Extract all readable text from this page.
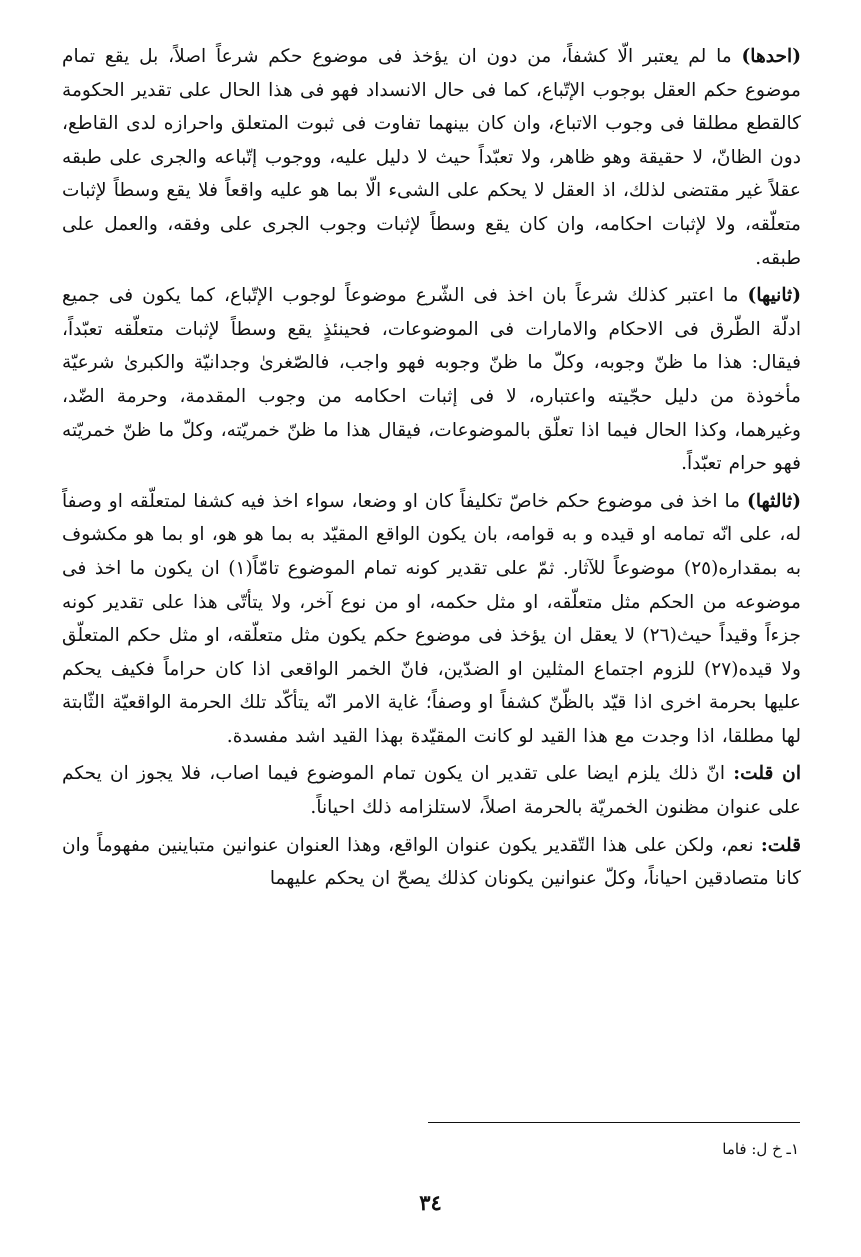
(احدها) ما لم يعتبر الّا كشفاً، من دون ان يؤخذ فى موضوع حكم شرعاً اصلاً، بل يقع تمام موضوع حكم العقل بوجوب الإتّباع، كما فى حال الانسداد فهو فى هذا الحال على تقدير الحكومة كالقطع مطلقا فى وجوب الاتباع، وان كان بينهما تفاوت فى ثبوت المتعلق واحرازه لدى القاطع، دون الظانّ، لا حقيقة وهو ظاهر، ولا تعبّداً حيث لا دليل عليه، ووجوب إتّباعه والجرى على طبقه عقلاً غير مقتضى لذلك، اذ العقل لا يحكم على الشىء الّا بما هو عليه واقعاً فلا يقع وسطاً لإثبات متعلّقه، ولا لإثبات احكامه، وان كان يقع وسطاً لإثبات وجوب الجرى على وفقه، والعمل على طبقه.

(ثانيها) ما اعتبر كذلك شرعاً بان اخذ فى الشّرع موضوعاً لوجوب الإتّباع، كما يكون فى جميع ادلّة الطّرق فى الاحكام والامارات فى الموضوعات، فحينئذٍ يقع وسطاً لإثبات متعلّقه تعبّداً، فيقال: هذا ما ظنّ وجوبه، وكلّ ما ظنّ وجوبه فهو واجب، فالصّغرىٰ وجدانيّة والكبرىٰ شرعيّة مأخوذة من دليل حجّيته واعتباره، لا فى إثبات احكامه من وجوب المقدمة، وحرمة الضّد، وغيرهما، وكذا الحال فيما اذا تعلّق بالموضوعات، فيقال هذا ما ظنّ خمريّته، وكلّ ما ظنّ خمريّته فهو حرام تعبّداً.

(ثالثها) ما اخذ فى موضوع حكم خاصّ تكليفاً كان او وضعا، سواء اخذ فيه كشفا لمتعلّقه او وصفاً له، على انّه تمامه او قيده و به قوامه، بان يكون الواقع المقيّد به بما هو هو، او بما هو مكشوف به بمقداره(٢٥) موضوعاً للآثار. ثمّ على تقدير كونه تمام الموضوع تامّاً(١) ان يكون ما اخذ فى موضوعه من الحكم مثل متعلّقه، او مثل حكمه، او من نوع آخر، ولا يتأتّى هذا على تقدير كونه جزءاً وقيداً حيث(٢٦) لا يعقل ان يؤخذ فى موضوع حكم يكون مثل متعلّقه، او مثل حكم المتعلّق ولا قيده(٢٧) للزوم اجتماع المثلين او الضدّين، فانّ الخمر الواقعى اذا كان حراماً فكيف يحكم عليها بحرمة اخرى اذا قيّد بالظّنّ كشفاً او وصفاً؛ غاية الامر انّه يتأكّد تلك الحرمة الواقعيّة الثّابتة لها مطلقا، اذا وجدت مع هذا القيد لو كانت المقيّدة بهذا القيد اشد مفسدة.

ان قلت: انّ ذلك يلزم ايضا على تقدير ان يكون تمام الموضوع فيما اصاب، فلا يجوز ان يحكم على عنوان مظنون الخمريّة بالحرمة اصلاً، لاستلزامه ذلك احياناً.

قلت: نعم، ولكن على هذا التّقدير يكون عنوان الواقع، وهذا العنوان عنوانين متباينين مفهوماً وان كانا متصادقين احياناً، وكلّ عنوانين يكونان كذلك يصحّ ان يحكم عليهما

١ـ خ ل: فاما
٣٤
